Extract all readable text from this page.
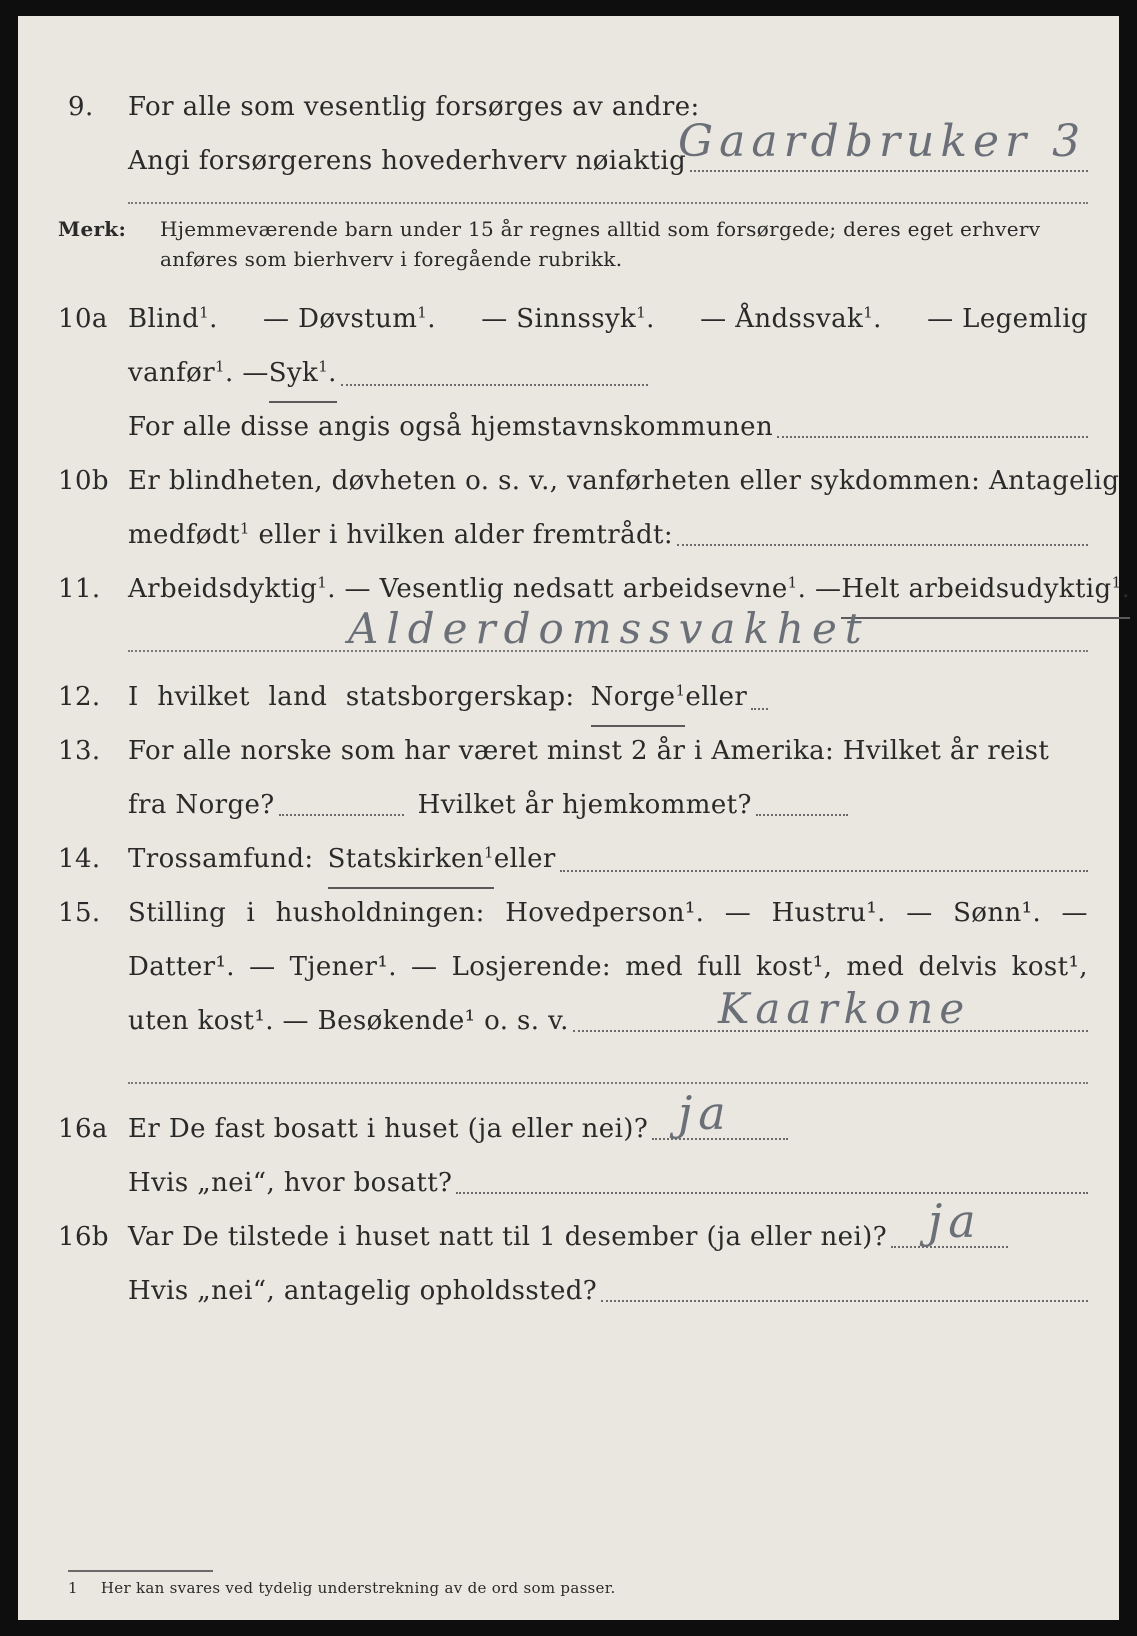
9. For alle som vesentlig forsørges av andre:
Angi forsørgerens hovederhverv nøiaktig
Gaardbruker 3
Merk: Hjemmeværende barn under 15 år regnes alltid som forsørgede; deres eget erhverv
anføres som bierhverv i foregående rubrikk.
10a Blind$^1$. — Døvstum$^1$. — Sinnssyk$^1$. — Åndssvak$^1$. — Legemlig
vanfør$^1$. — Syk$^1$.
For alle disse angis også hjemstavnskommunen
10b Er blindheten, døvheten o. s. v., vanførheten eller sykdommen: Antagelig
medfødt$^1$ eller i hvilken alder fremtrådt:
11. Arbeidsdyktig$^1$. — Vesentlig nedsatt arbeidsevne$^1$. — Helt arbeidsudyktig$^1$.
Alderdomssvakhet
12. I hvilket land statsborgerskap: Norge$^1$ eller
13. For alle norske som har været minst 2 år i Amerika: Hvilket år reist
fra Norge?	Hvilket år hjemkommet?
14. Trossamfund: Statskirken$^1$ eller
15. Stilling i husholdningen: Hovedperson¹. — Hustru¹. — Sønn¹. —
Datter¹. — Tjener¹. — Losjerende: med full kost¹, med delvis kost¹,
uten kost¹. — Besøkende¹ o. s. v.	Kaarkone
16a Er De fast bosatt i huset (ja eller nei)? ja
Hvis „nei“, hvor bosatt?
16b Var De tilstede i huset natt til 1 desember (ja eller nei)? ja
Hvis „nei“, antagelig opholdssted?
1 Her kan svares ved tydelig understrekning av de ord som passer.
